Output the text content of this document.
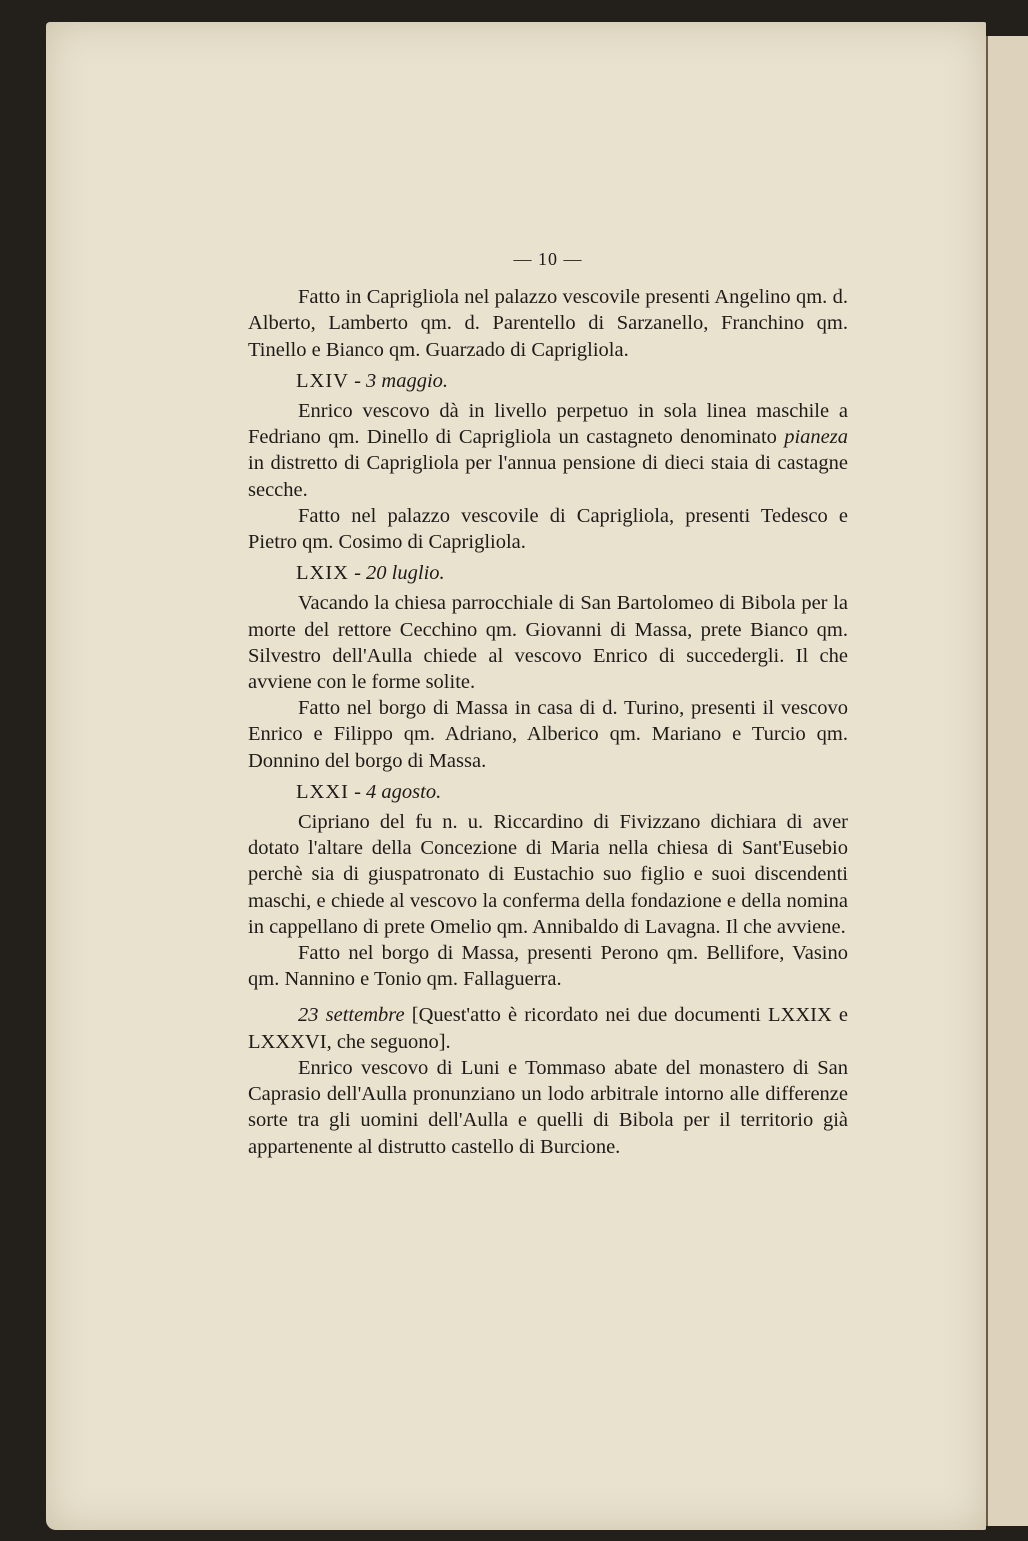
— 10 —

Fatto in Caprigliola nel palazzo vescovile presenti Angelino qm. d. Alberto, Lamberto qm. d. Parentello di Sarzanello, Franchino qm. Tinello e Bianco qm. Guarzado di Caprigliola.

LXIV - 3 maggio.

Enrico vescovo dà in livello perpetuo in sola linea maschile a Fedriano qm. Dinello di Caprigliola un castagneto denominato pianeza in distretto di Caprigliola per l'annua pensione di dieci staia di castagne secche.

Fatto nel palazzo vescovile di Caprigliola, presenti Tedesco e Pietro qm. Cosimo di Caprigliola.

LXIX - 20 luglio.

Vacando la chiesa parrocchiale di San Bartolomeo di Bibola per la morte del rettore Cecchino qm. Giovanni di Massa, prete Bianco qm. Silvestro dell'Aulla chiede al vescovo Enrico di succedergli. Il che avviene con le forme solite.

Fatto nel borgo di Massa in casa di d. Turino, presenti il vescovo Enrico e Filippo qm. Adriano, Alberico qm. Mariano e Turcio qm. Donnino del borgo di Massa.

LXXI - 4 agosto.

Cipriano del fu n. u. Riccardino di Fivizzano dichiara di aver dotato l'altare della Concezione di Maria nella chiesa di Sant'Eusebio perchè sia di giuspatronato di Eustachio suo figlio e suoi discendenti maschi, e chiede al vescovo la conferma della fondazione e della nomina in cappellano di prete Omelio qm. Annibaldo di Lavagna. Il che avviene.

Fatto nel borgo di Massa, presenti Perono qm. Bellifore, Vasino qm. Nannino e Tonio qm. Fallaguerra.

23 settembre [Quest'atto è ricordato nei due documenti LXXIX e LXXXVI, che seguono].

Enrico vescovo di Luni e Tommaso abate del monastero di San Caprasio dell'Aulla pronunziano un lodo arbitrale intorno alle differenze sorte tra gli uomini dell'Aulla e quelli di Bibola per il territorio già appartenente al distrutto castello di Burcione.
